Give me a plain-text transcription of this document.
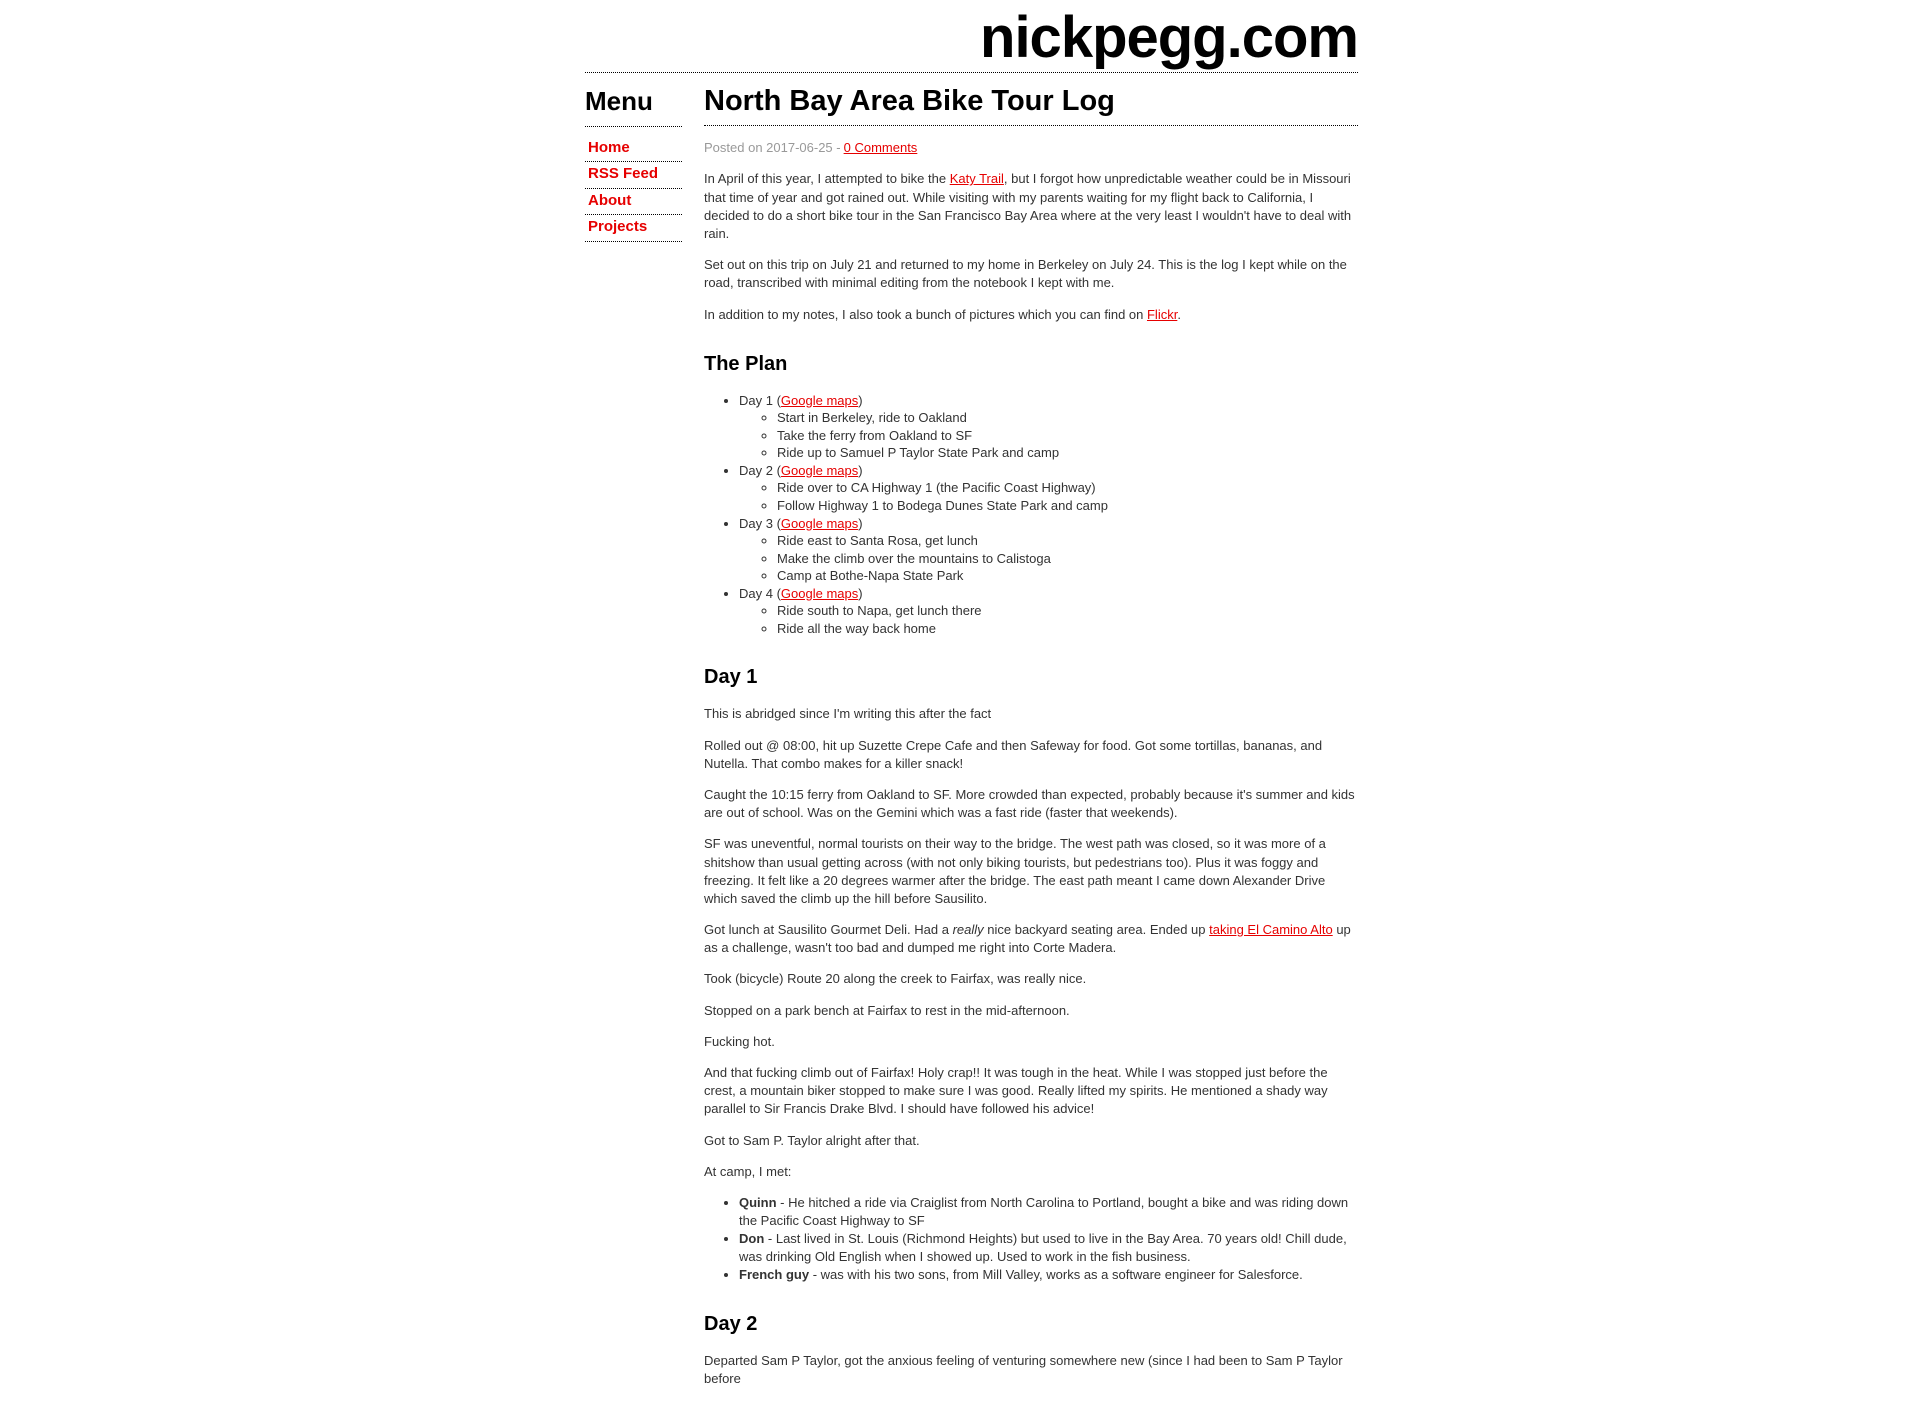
nickpegg.com
Menu
Home
RSS Feed
About
Projects
North Bay Area Bike Tour Log

Posted on 2017-06-25 - 0 Comments

In April of this year, I attempted to bike the Katy Trail, but I forgot how unpredictable weather could be in Missouri that time of year and got rained out. While visiting with my parents waiting for my flight back to California, I decided to do a short bike tour in the San Francisco Bay Area where at the very least I wouldn't have to deal with rain.

Set out on this trip on July 21 and returned to my home in Berkeley on July 24. This is the log I kept while on the road, transcribed with minimal editing from the notebook I kept with me.

In addition to my notes, I also took a bunch of pictures which you can find on Flickr.

The Plan
• Day 1 (Google maps)
◦ Start in Berkeley, ride to Oakland
◦ Take the ferry from Oakland to SF
◦ Ride up to Samuel P Taylor State Park and camp
• Day 2 (Google maps)
◦ Ride over to CA Highway 1 (the Pacific Coast Highway)
◦ Follow Highway 1 to Bodega Dunes State Park and camp
• Day 3 (Google maps)
◦ Ride east to Santa Rosa, get lunch
◦ Make the climb over the mountains to Calistoga
◦ Camp at Bothe-Napa State Park
• Day 4 (Google maps)
◦ Ride south to Napa, get lunch there
◦ Ride all the way back home
Day 1

This is abridged since I'm writing this after the fact

Rolled out @ 08:00, hit up Suzette Crepe Cafe and then Safeway for food. Got some tortillas, bananas, and Nutella. That combo makes for a killer snack!

Caught the 10:15 ferry from Oakland to SF. More crowded than expected, probably because it's summer and kids are out of school. Was on the Gemini which was a fast ride (faster that weekends).

SF was uneventful, normal tourists on their way to the bridge. The west path was closed, so it was more of a shitshow than usual getting across (with not only biking tourists, but pedestrians too). Plus it was foggy and freezing. It felt like a 20 degrees warmer after the bridge. The east path meant I came down Alexander Drive which saved the climb up the hill before Sausilito.

Got lunch at Sausilito Gourmet Deli. Had a really nice backyard seating area. Ended up taking El Camino Alto up as a challenge, wasn't too bad and dumped me right into Corte Madera.

Took (bicycle) Route 20 along the creek to Fairfax, was really nice.

Stopped on a park bench at Fairfax to rest in the mid-afternoon.

Fucking hot.

And that fucking climb out of Fairfax! Holy crap!! It was tough in the heat. While I was stopped just before the crest, a mountain biker stopped to make sure I was good. Really lifted my spirits. He mentioned a shady way parallel to Sir Francis Drake Blvd. I should have followed his advice!

Got to Sam P. Taylor alright after that.

At camp, I met:

• Quinn - He hitched a ride via Craiglist from North Carolina to Portland, bought a bike and was riding down the Pacific Coast Highway to SF
• Don - Last lived in St. Louis (Richmond Heights) but used to live in the Bay Area. 70 years old! Chill dude, was drinking Old English when I showed up. Used to work in the fish business.
• French guy - was with his two sons, from Mill Valley, works as a software engineer for Salesforce.
Day 2

Departed Sam P Taylor, got the anxious feeling of venturing somewhere new (since I had been to Sam P Taylor before
